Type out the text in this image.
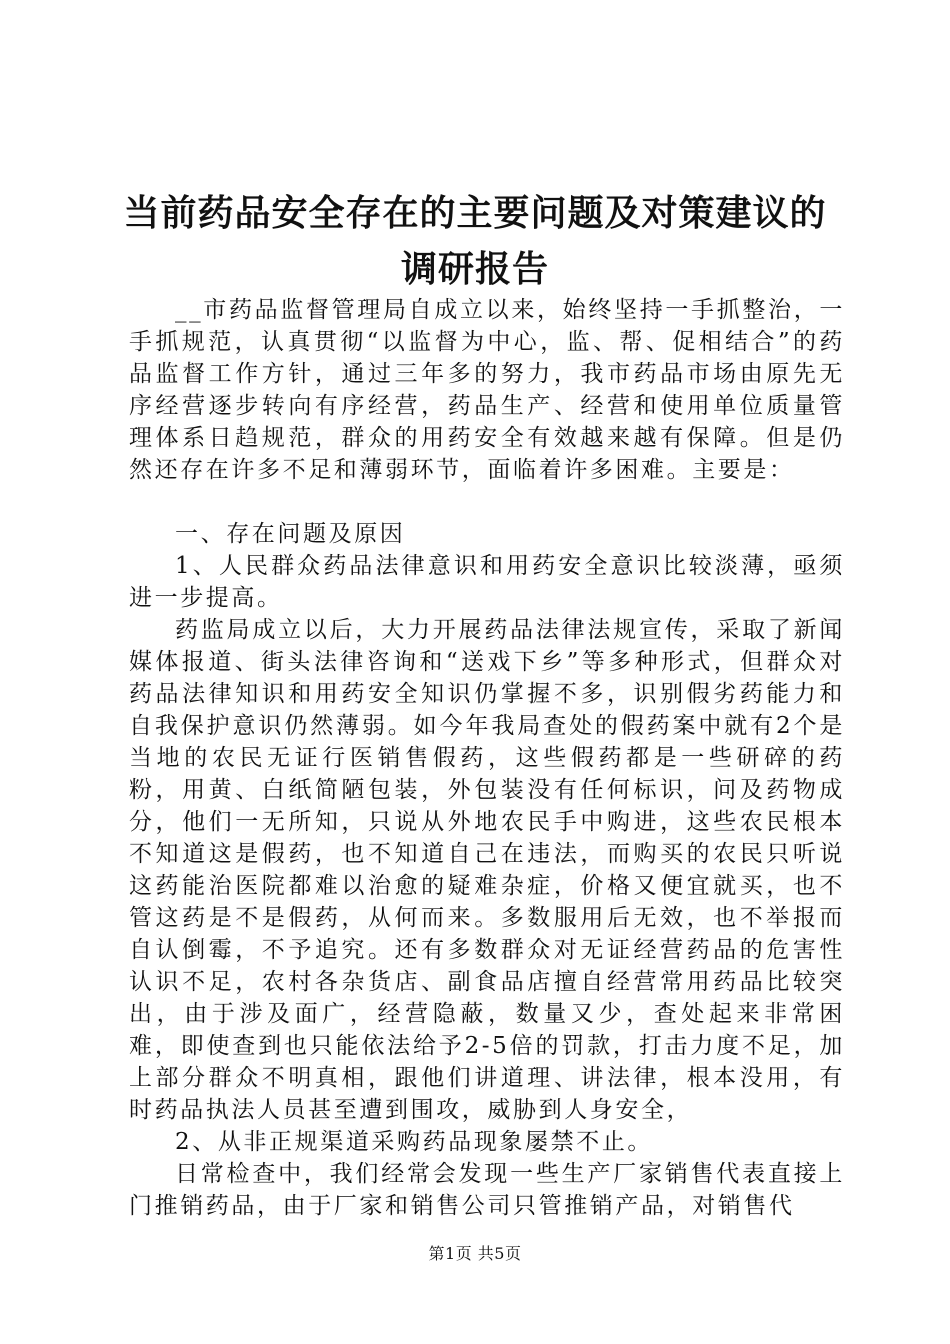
当前药品安全存在的主要问题及对策建议的调研报告

__市药品监督管理局自成立以来，始终坚持一手抓整治，一手抓规范，认真贯彻“以监督为中心，监、帮、促相结合”的药品监督工作方针，通过三年多的努力，我市药品市场由原先无序经营逐步转向有序经营，药品生产、经营和使用单位质量管理体系日趋规范，群众的用药安全有效越来越有保障。但是仍然还存在许多不足和薄弱环节，面临着许多困难。主要是：

一、存在问题及原因

1、人民群众药品法律意识和用药安全意识比较淡薄，亟须进一步提高。

药监局成立以后，大力开展药品法律法规宣传，采取了新闻媒体报道、街头法律咨询和“送戏下乡”等多种形式，但群众对药品法律知识和用药安全知识仍掌握不多，识别假劣药能力和自我保护意识仍然薄弱。如今年我局查处的假药案中就有2个是当地的农民无证行医销售假药，这些假药都是一些研碎的药粉，用黄、白纸简陋包装，外包装没有任何标识，问及药物成分，他们一无所知，只说从外地农民手中购进，这些农民根本不知道这是假药，也不知道自己在违法，而购买的农民只听说这药能治医院都难以治愈的疑难杂症，价格又便宜就买，也不管这药是不是假药，从何而来。多数服用后无效，也不举报而自认倒霉，不予追究。还有多数群众对无证经营药品的危害性认识不足，农村各杂货店、副食品店擅自经营常用药品比较突出，由于涉及面广，经营隐蔽，数量又少，查处起来非常困难，即使查到也只能依法给予2-5倍的罚款，打击力度不足，加上部分群众不明真相，跟他们讲道理、讲法律，根本没用，有时药品执法人员甚至遭到围攻，威胁到人身安全，

2、从非正规渠道采购药品现象屡禁不止。

日常检查中，我们经常会发现一些生产厂家销售代表直接上门推销药品，由于厂家和销售公司只管推销产品，对销售代

第1页 共5页
